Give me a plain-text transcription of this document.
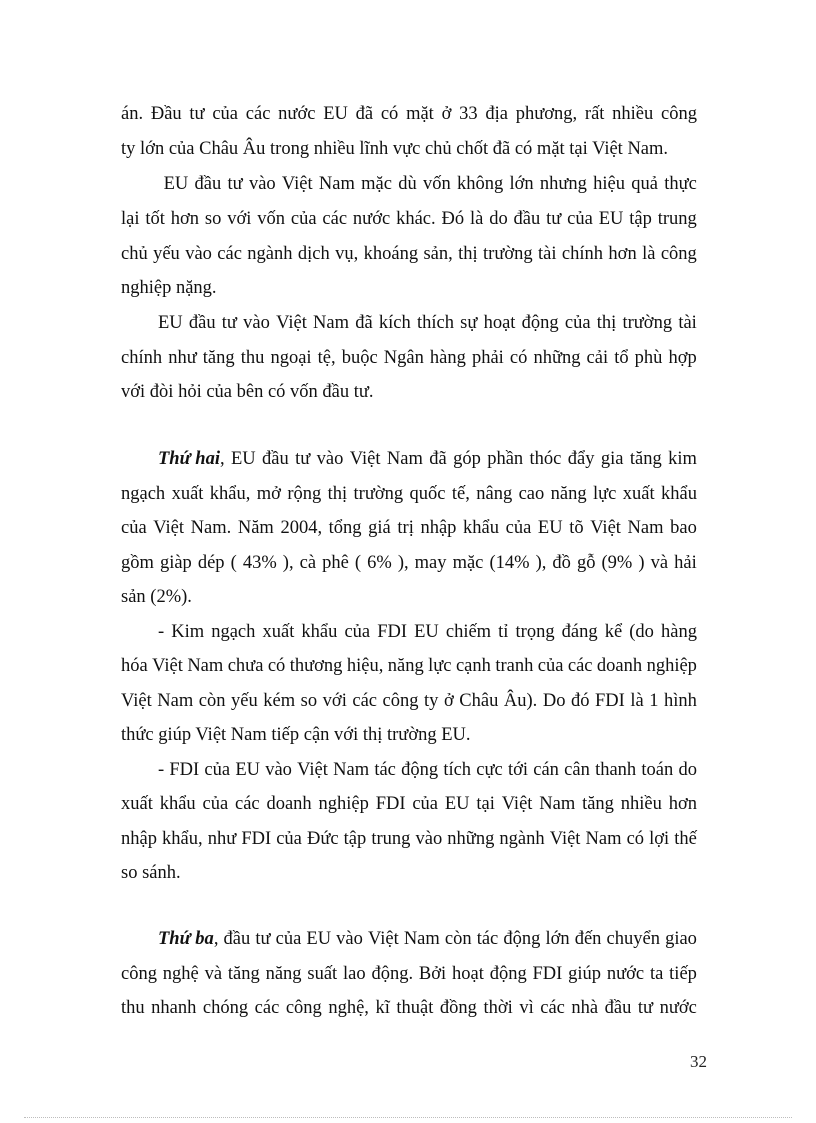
án. Đầu tư của các nước EU đã có mặt ở 33 địa phương, rất nhiều công
ty lớn của Châu Âu trong nhiều lĩnh vực chủ chốt đã có mặt tại Việt Nam.
EU đầu tư vào Việt Nam mặc dù vốn không lớn nhưng hiệu quả thực
lại tốt hơn so với vốn của các nước khác. Đó là do đầu tư của EU tập trung
chủ yếu vào các ngành dịch vụ, khoáng sản, thị trường tài chính hơn là công
nghiệp nặng.
EU đầu tư vào Việt Nam đã kích thích sự hoạt động của thị trường tài
chính như tăng thu ngoại tệ, buộc Ngân hàng phải có những cải tổ phù hợp
với đòi hỏi của bên có vốn đầu tư.
Thứ hai , EU đầu tư vào Việt Nam đã góp phần thóc đẩy gia tăng kim
ngạch xuất khẩu, mở rộng thị trường quốc tế, nâng cao năng lực xuất khẩu
của Việt Nam. Năm 2004, tổng giá trị nhập khẩu của EU tõ Việt Nam bao
gồm giàp dép ( 43% ), cà phê ( 6% ), may mặc (14% ), đồ gỗ (9% ) và hải
sản (2%).
- Kim ngạch xuất khẩu của FDI EU chiếm tỉ trọng đáng kể (do hàng
hóa Việt Nam chưa có thương hiệu, năng lực cạnh tranh của các doanh nghiệp
Việt Nam còn yếu kém so với các công ty ở Châu Âu). Do đó FDI là 1 hình
thức giúp Việt Nam tiếp cận với thị trường EU.
- FDI của EU vào Việt Nam tác động tích cực tới cán cân thanh toán do
xuất khẩu của các doanh nghiệp FDI của EU tại Việt Nam tăng nhiều hơn
nhập khẩu, như FDI của Đức tập trung vào những ngành Việt Nam có lợi thế
so sánh.
Thứ ba , đầu tư của EU vào Việt Nam còn tác động lớn đến chuyển giao
công nghệ và tăng năng suất lao động. Bởi hoạt động FDI giúp nước ta tiếp
thu nhanh chóng các công nghệ, kĩ thuật đồng thời vì các nhà đầu tư nước
32
